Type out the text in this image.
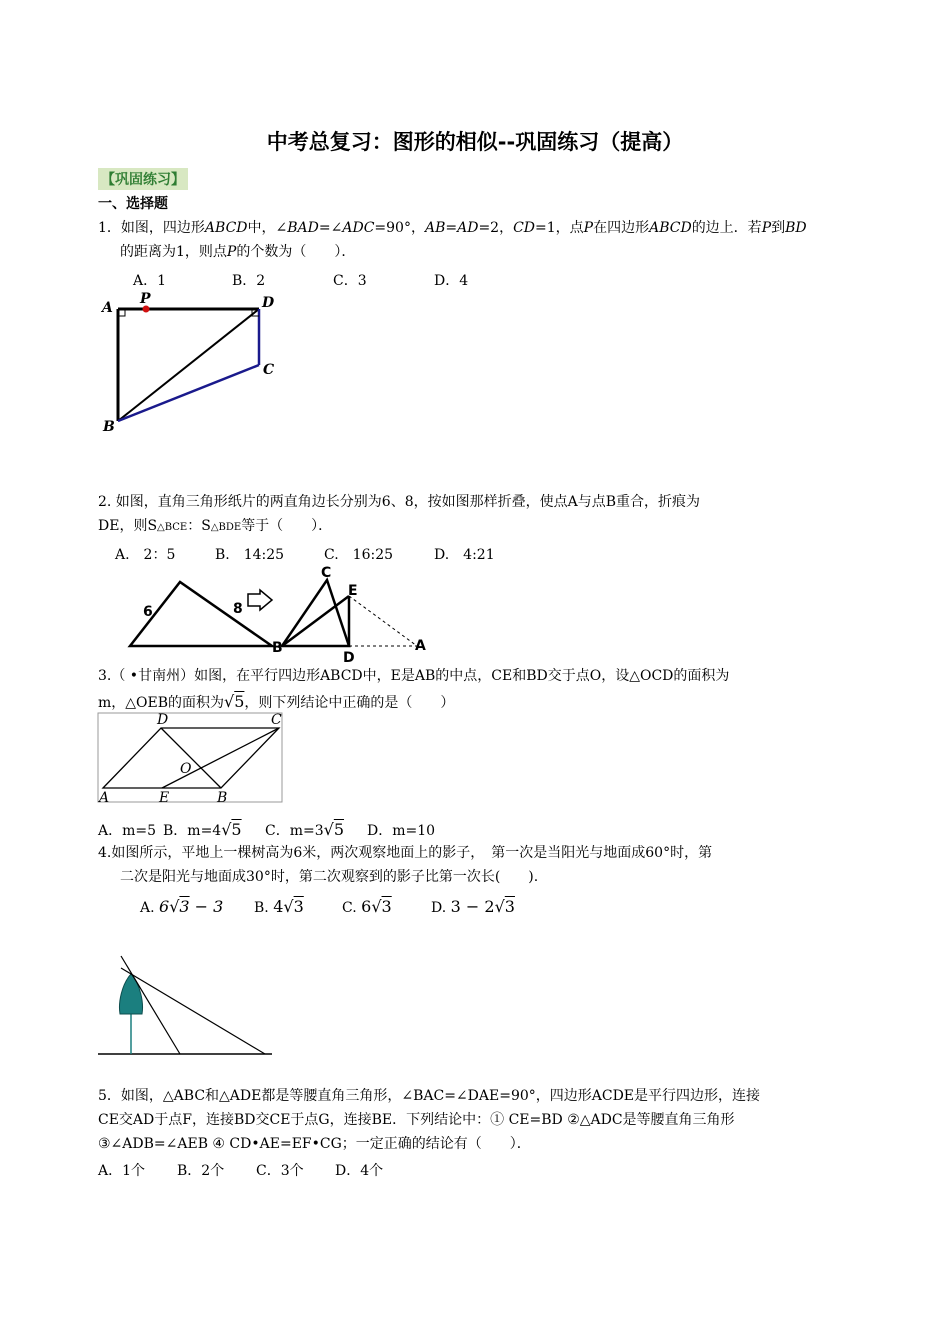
中考总复习：图形的相似--巩固练习（提高）
【巩固练习】
一、选择题
1．如图，四边形ABCD中，∠BAD=∠ADC=90°，AB=AD=2，CD=1，点P在四边形ABCD的边上．若P到BD
的距离为1，则点P的个数为（　　）．
A．1	B．2	C．3	D．4
A
P	D
C
B
2. 如图，直角三角形纸片的两直角边长分别为6、8，按如图那样折叠，使点A与点B重合，折痕为
DE，则S△BCE：S△BDE等于（　　）．
A.　2：5	B.　14:25	C.　16:25	D.　4:21
6	8
B
C
E
A
D
3.（ •甘南州）如图，在平行四边形ABCD中，E是AB的中点，CE和BD交于点O，设△OCD的面积为
m，△OEB的面积为√5，则下列结论中正确的是（　　）
D	C
O
A	E	B
A．m=5 B．m=4√5 C．m=3√5 D．m=10
4.如图所示，平地上一棵树高为6米，两次观察地面上的影子，　第一次是当阳光与地面成60°时，第
二次是阳光与地面成30°时，第二次观察到的影子比第一次长(　　).
A. 6√3 − 3 B. 4√3	C. 6√3	D. 3 − 2√3
5．如图，△ABC和△ADE都是等腰直角三角形，∠BAC=∠DAE=90°，四边形ACDE是平行四边形，连接
CE交AD于点F，连接BD交CE于点G，连接BE．下列结论中：① CE=BD ②△ADC是等腰直角三角形
③∠ADB=∠AEB ④ CD•AE=EF•CG；一定正确的结论有（　　）．
A．1个 B．2个 C．3个 D．4个
